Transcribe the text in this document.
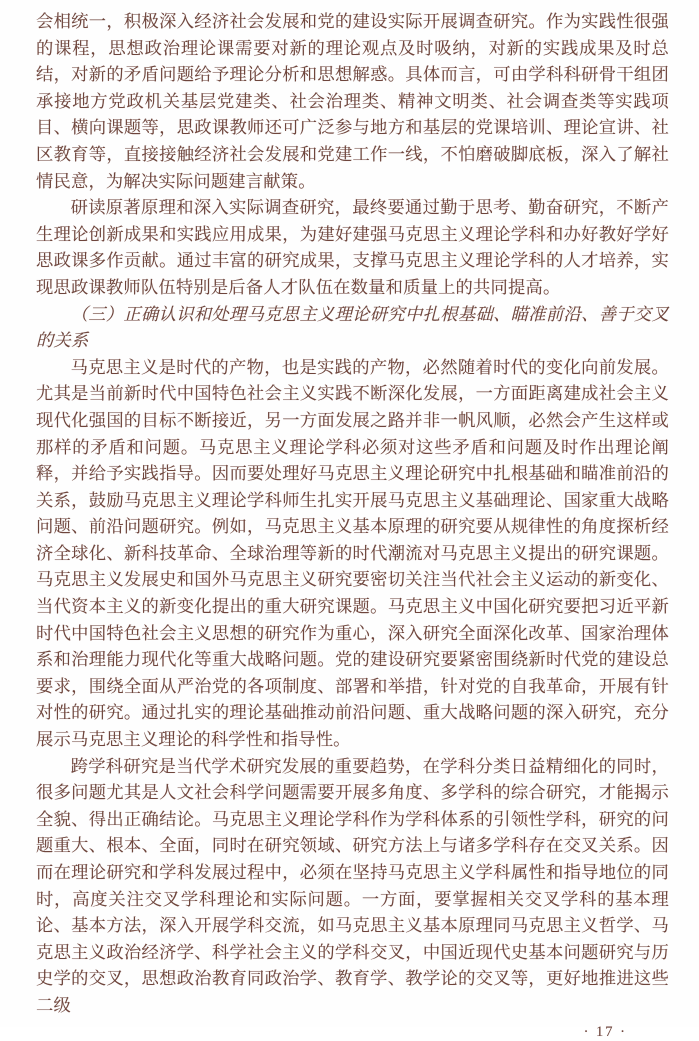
会相统一，积极深入经济社会发展和党的建设实际开展调查研究。作为实践性很强的课程，思想政治理论课需要对新的理论观点及时吸纳，对新的实践成果及时总结，对新的矛盾问题给予理论分析和思想解惑。具体而言，可由学科科研骨干组团承接地方党政机关基层党建类、社会治理类、精神文明类、社会调查类等实践项目、横向课题等，思政课教师还可广泛参与地方和基层的党课培训、理论宣讲、社区教育等，直接接触经济社会发展和党建工作一线，不怕磨破脚底板，深入了解社情民意，为解决实际问题建言献策。

研读原著原理和深入实际调查研究，最终要通过勤于思考、勤奋研究，不断产生理论创新成果和实践应用成果，为建好建强马克思主义理论学科和办好教好学好思政课多作贡献。通过丰富的研究成果，支撑马克思主义理论学科的人才培养，实现思政课教师队伍特别是后备人才队伍在数量和质量上的共同提高。

（三）正确认识和处理马克思主义理论研究中扎根基础、瞄准前沿、善于交叉的关系

马克思主义是时代的产物，也是实践的产物，必然随着时代的变化向前发展。尤其是当前新时代中国特色社会主义实践不断深化发展，一方面距离建成社会主义现代化强国的目标不断接近，另一方面发展之路并非一帆风顺，必然会产生这样或那样的矛盾和问题。马克思主义理论学科必须对这些矛盾和问题及时作出理论阐释，并给予实践指导。因而要处理好马克思主义理论研究中扎根基础和瞄准前沿的关系，鼓励马克思主义理论学科师生扎实开展马克思主义基础理论、国家重大战略问题、前沿问题研究。例如，马克思主义基本原理的研究要从规律性的角度探析经济全球化、新科技革命、全球治理等新的时代潮流对马克思主义提出的研究课题。马克思主义发展史和国外马克思主义研究要密切关注当代社会主义运动的新变化、当代资本主义的新变化提出的重大研究课题。马克思主义中国化研究要把习近平新时代中国特色社会主义思想的研究作为重心，深入研究全面深化改革、国家治理体系和治理能力现代化等重大战略问题。党的建设研究要紧密围绕新时代党的建设总要求，围绕全面从严治党的各项制度、部署和举措，针对党的自我革命，开展有针对性的研究。通过扎实的理论基础推动前沿问题、重大战略问题的深入研究，充分展示马克思主义理论的科学性和指导性。

跨学科研究是当代学术研究发展的重要趋势，在学科分类日益精细化的同时，很多问题尤其是人文社会科学问题需要开展多角度、多学科的综合研究，才能揭示全貌、得出正确结论。马克思主义理论学科作为学科体系的引领性学科，研究的问题重大、根本、全面，同时在研究领域、研究方法上与诸多学科存在交叉关系。因而在理论研究和学科发展过程中，必须在坚持马克思主义学科属性和指导地位的同时，高度关注交叉学科理论和实际问题。一方面，要掌握相关交叉学科的基本理论、基本方法，深入开展学科交流，如马克思主义基本原理同马克思主义哲学、马克思主义政治经济学、科学社会主义的学科交叉，中国近现代史基本问题研究与历史学的交叉，思想政治教育同政治学、教育学、教学论的交叉等，更好地推进这些二级

· 17 ·
